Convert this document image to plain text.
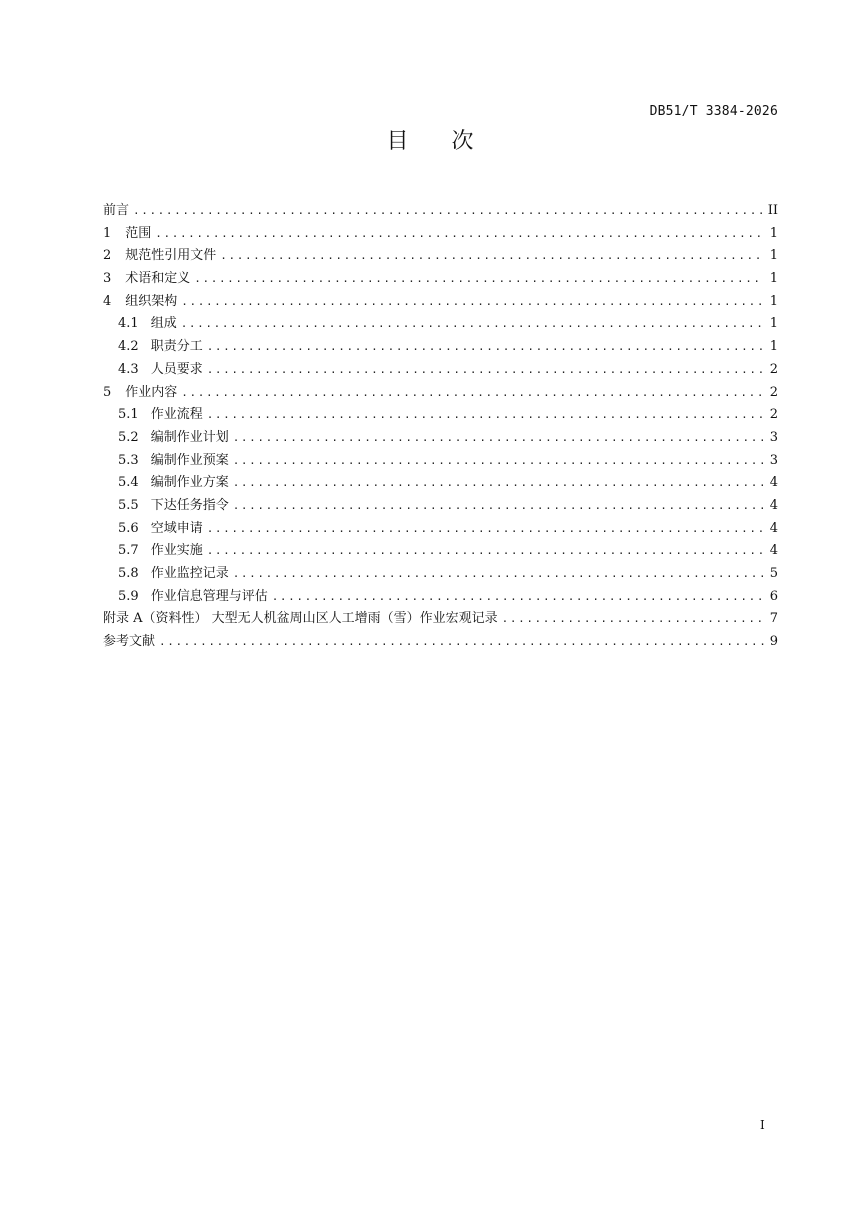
DB51/T 3384-2026
目 次
前言 .....	II
1 范围 .....	1
2 规范性引用文件 .....	1
3 术语和定义 .....	1
4 组织架构 .....	1
4.1 组成 .....	1
4.2 职责分工 .....	1
4.3 人员要求 .....	2
5 作业内容 .....	2
5.1 作业流程 .....	2
5.2 编制作业计划 .....	3
5.3 编制作业预案 .....	3
5.4 编制作业方案 .....	4
5.5 下达任务指令 .....	4
5.6 空域申请 .....	4
5.7 作业实施 .....	4
5.8 作业监控记录 .....	5
5.9 作业信息管理与评估 .....	6
附录 A（资料性） 大型无人机盆周山区人工增雨（雪）作业宏观记录 .....	7
参考文献 .....	9
I
